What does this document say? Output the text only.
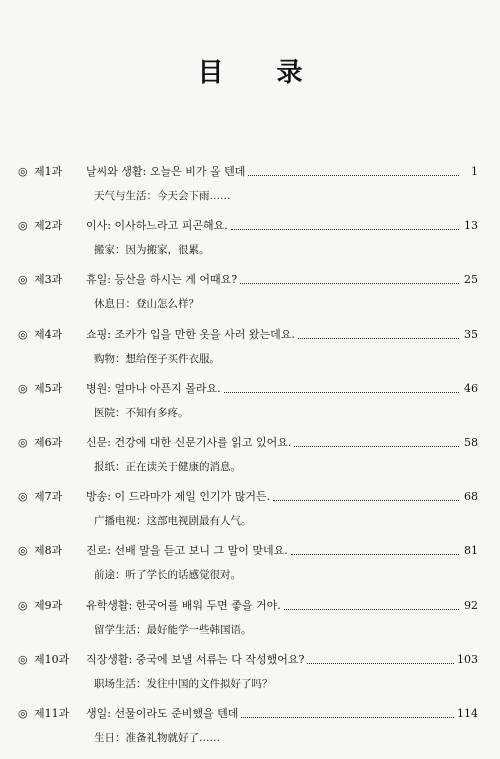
目 录
◎ 제1과	날씨와 생활: 오늘은 비가 올 텐데	1
天气与生活：今天会下雨……
◎ 제2과	이사: 이사하느라고 피곤해요.	13
搬家：因为搬家，很累。
◎ 제3과	휴일: 등산을 하시는 게 어때요?	25
休息日：登山怎么样？
◎ 제4과	쇼핑: 조카가 입을 만한 옷을 사러 왔는데요.	35
购物：想给侄子买件衣服。
◎ 제5과	병원: 얼마나 아픈지 몰라요.	46
医院：不知有多疼。
◎ 제6과	신문: 건강에 대한 신문기사를 읽고 있어요.	58
报纸：正在读关于健康的消息。
◎ 제7과	방송: 이 드라마가 제일 인기가 많거든.	68
广播电视：这部电视剧最有人气。
◎ 제8과	진로: 선배 말을 듣고 보니 그 말이 맞네요.	81
前途：听了学长的话感觉很对。
◎ 제9과	유학생활: 한국어를 배워 두면 좋을 거야.	92
留学生活：最好能学一些韩国语。
◎ 제10과	직장생활: 중국에 보낼 서류는 다 작성했어요?	103
职场生活：发往中国的文件拟好了吗？
◎ 제11과	생일: 선물이라도 준비했을 텐데	114
生日：准备礼物就好了……
